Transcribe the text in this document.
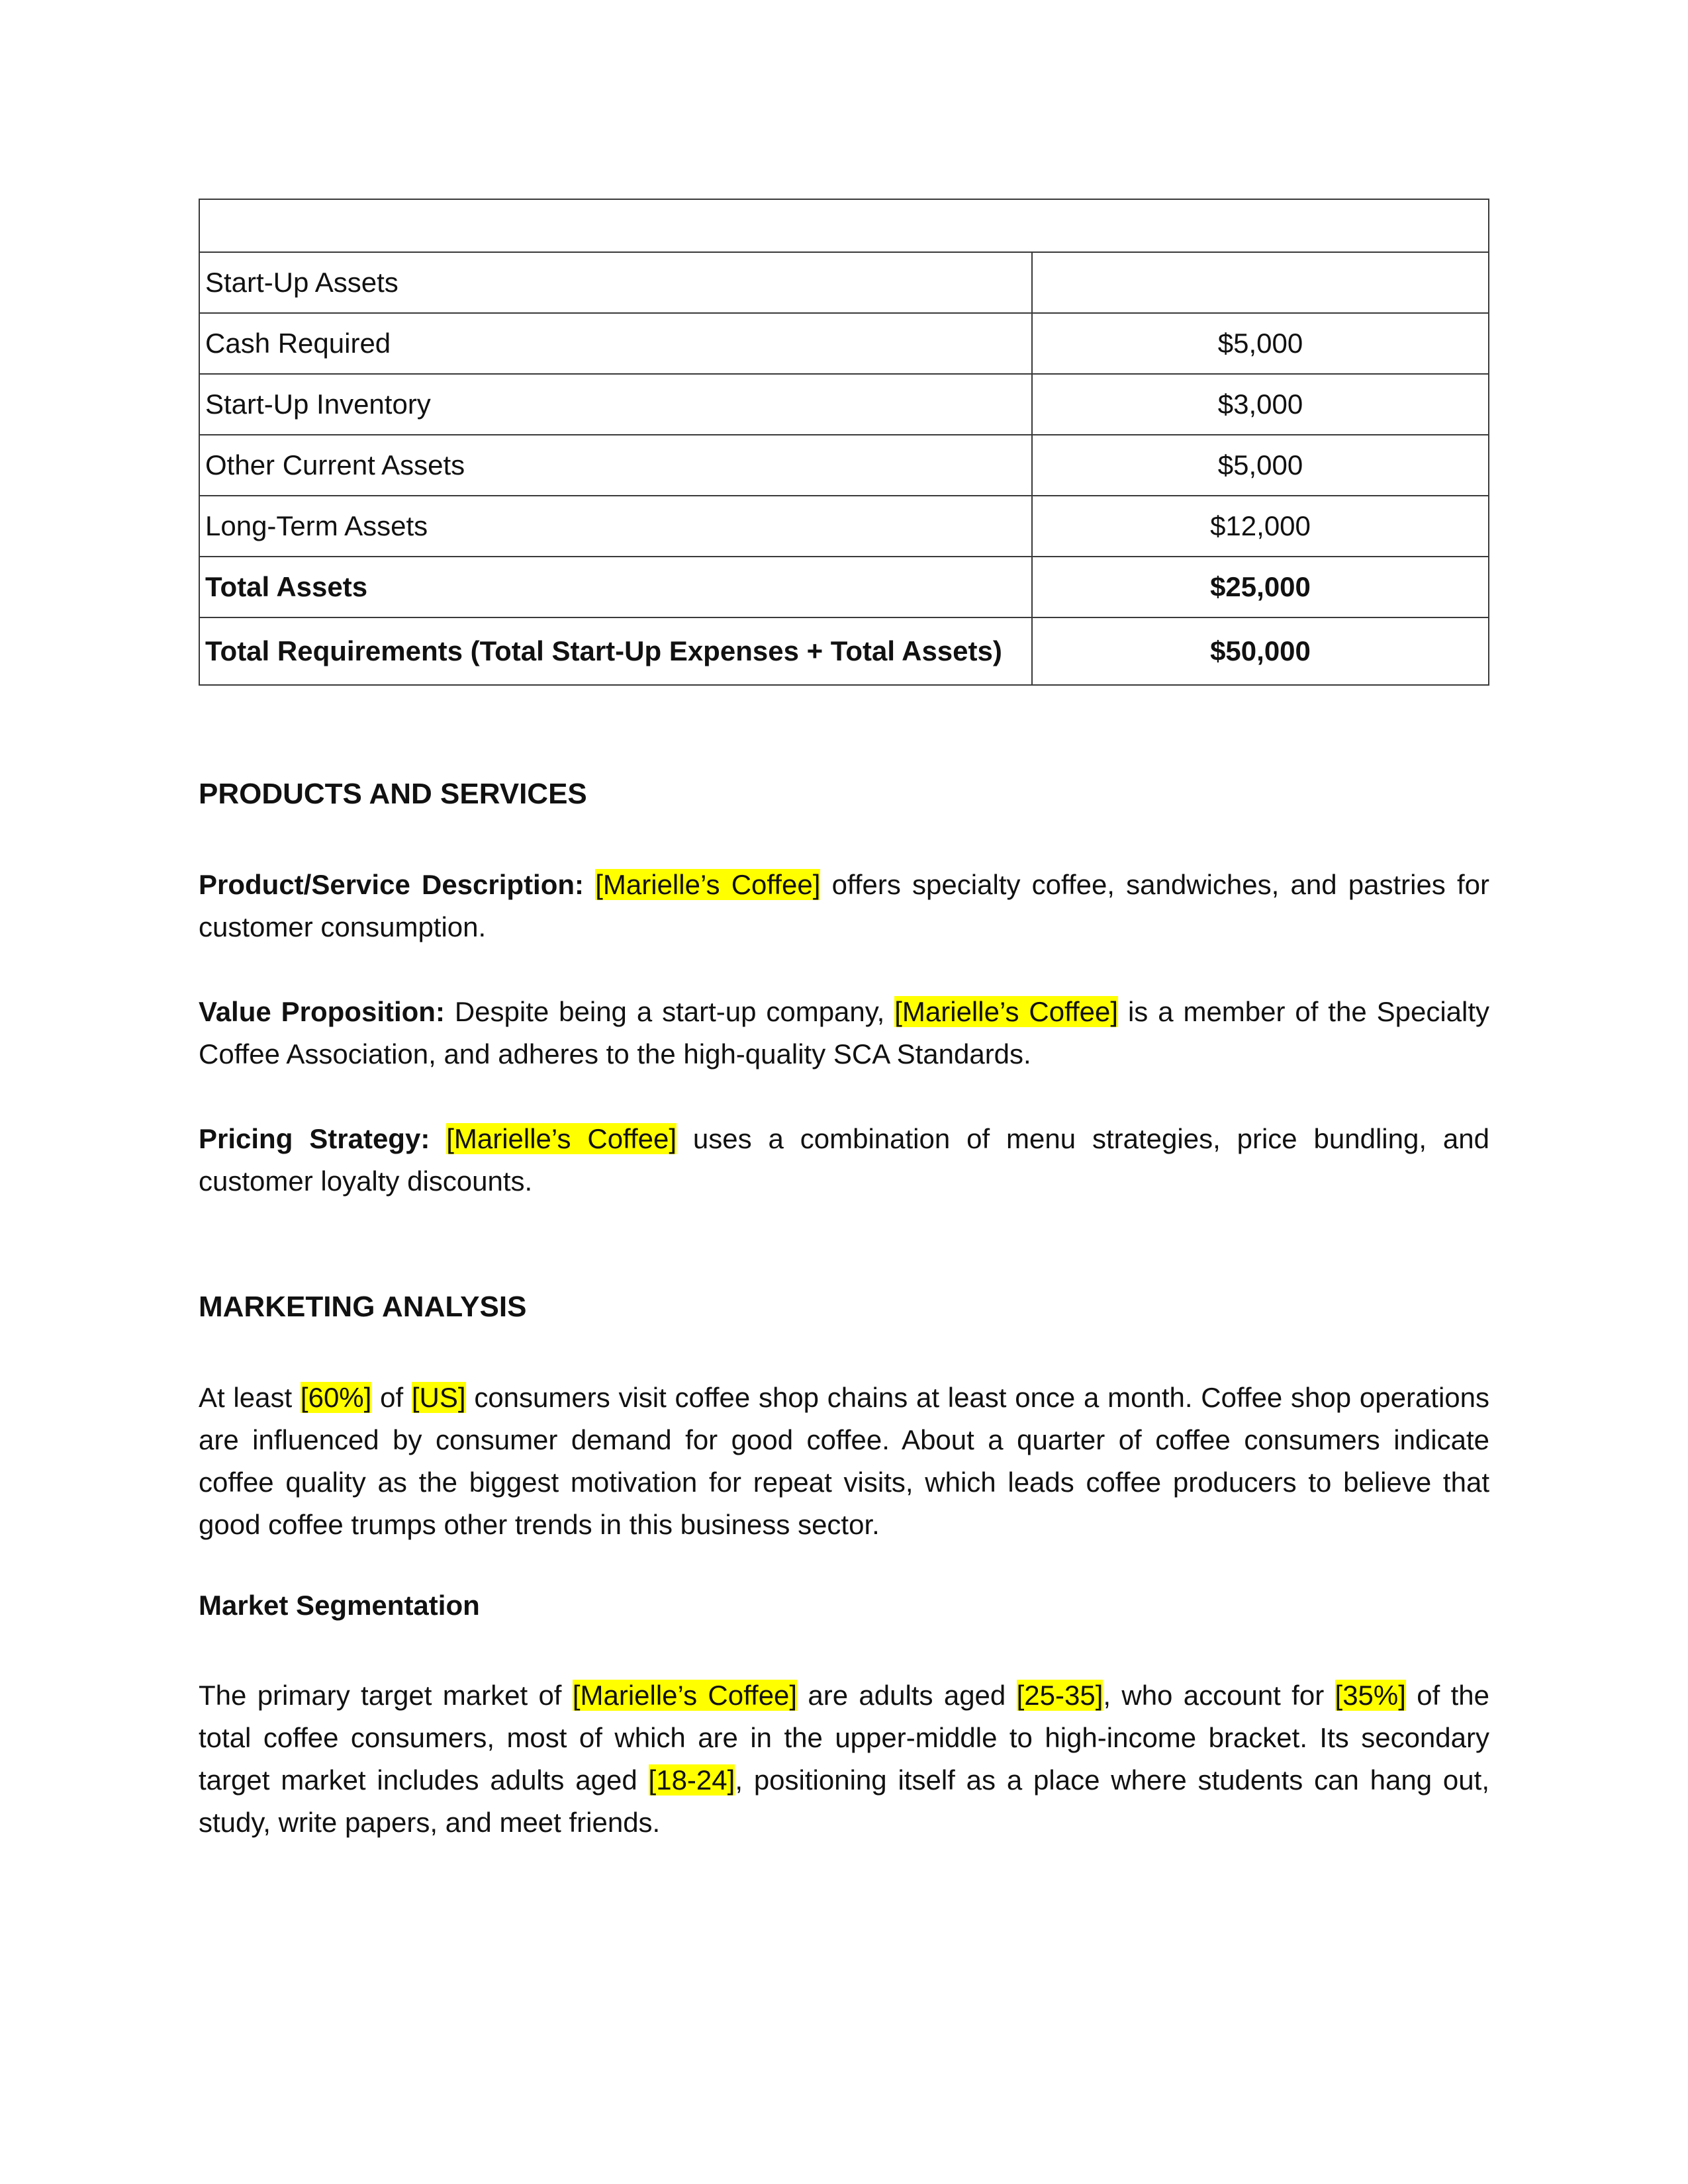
Start-Up Assets	
Cash Required	$5,000
Start-Up Inventory	$3,000
Other Current Assets	$5,000
Long-Term Assets	$12,000
Total Assets	$25,000
Total Requirements (Total Start-Up Expenses + Total Assets)	$50,000
PRODUCTS AND SERVICES

Product/Service Description: [Marielle’s Coffee] offers specialty coffee, sandwiches, and pastries for customer consumption.

Value Proposition: Despite being a start-up company, [Marielle’s Coffee] is a member of the Specialty Coffee Association, and adheres to the high-quality SCA Standards.

Pricing Strategy: [Marielle’s Coffee] uses a combination of menu strategies, price bundling, and customer loyalty discounts.

MARKETING ANALYSIS

At least [60%] of [US] consumers visit coffee shop chains at least once a month. Coffee shop operations are influenced by consumer demand for good coffee. About a quarter of coffee consumers indicate coffee quality as the biggest motivation for repeat visits, which leads coffee producers to believe that good coffee trumps other trends in this business sector.

Market Segmentation

The primary target market of [Marielle’s Coffee] are adults aged [25-35], who account for [35%] of the total coffee consumers, most of which are in the upper-middle to high-income bracket. Its secondary target market includes adults aged [18-24], positioning itself as a place where students can hang out, study, write papers, and meet friends.
